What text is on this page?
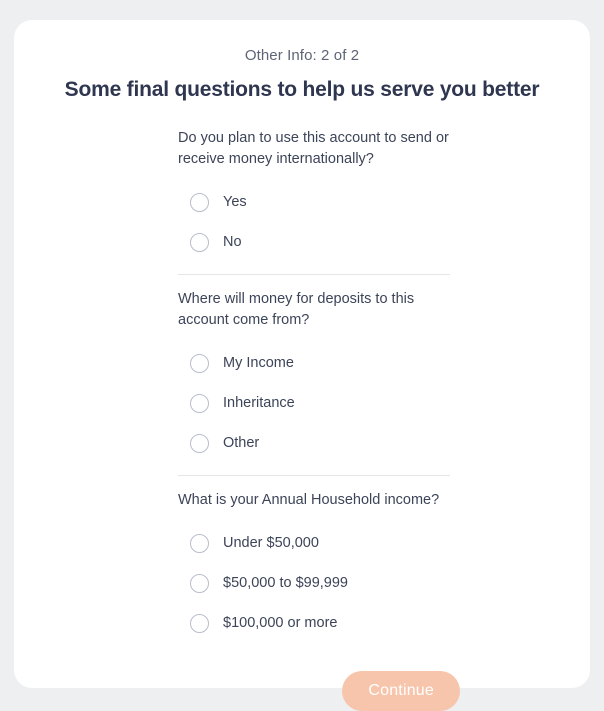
Other Info: 2 of 2
Some final questions to help us serve you better
Do you plan to use this account to send or receive money internationally?
Yes
No
Where will money for deposits to this account come from?
My Income
Inheritance
Other
What is your Annual Household income?
Under $50,000
$50,000 to $99,999
$100,000 or more
Continue
